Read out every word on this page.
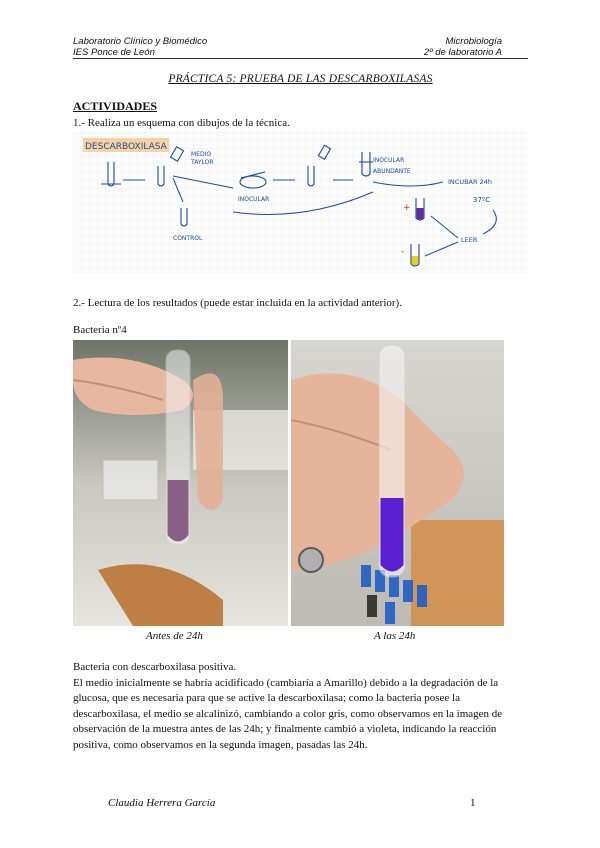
Laboratorio Clínico y Biomédico
IES Ponce de León
Microbiología
2º de laboratorio A
PRÁCTICA 5: PRUEBA DE LAS DESCARBOXILASAS
ACTIVIDADES
1.- Realiza un esquema con dibujos de la técnica.
DESCARBOXILASA
MEDIO
TAYLOR
INOCULAR
INOCULAR
ABUNDANTE
INCUBAR 24h
37ºC
CONTROL
+
-
LEER
2.- Lectura de los resultados (puede estar incluida en la actividad anterior).
Bacteria nº4
Antes de 24h	A las 24h

Bacteria con descarboxilasa positiva.

El medio inicialmente se habría acidificado (cambiaría a Amarillo) debido a la degradación de la glucosa, que es necesaria para que se active la descarboxilasa; como la bacteria posee la descarboxilasa, el medio se alcalinizó, cambiando a color gris, como observamos en la imagen de observación de la muestra antes de las 24h; y finalmente cambió a violeta, indicando la reacción positiva, como observamos en la segunda imagen, pasadas las 24h.

Claudia Herrera García	1
